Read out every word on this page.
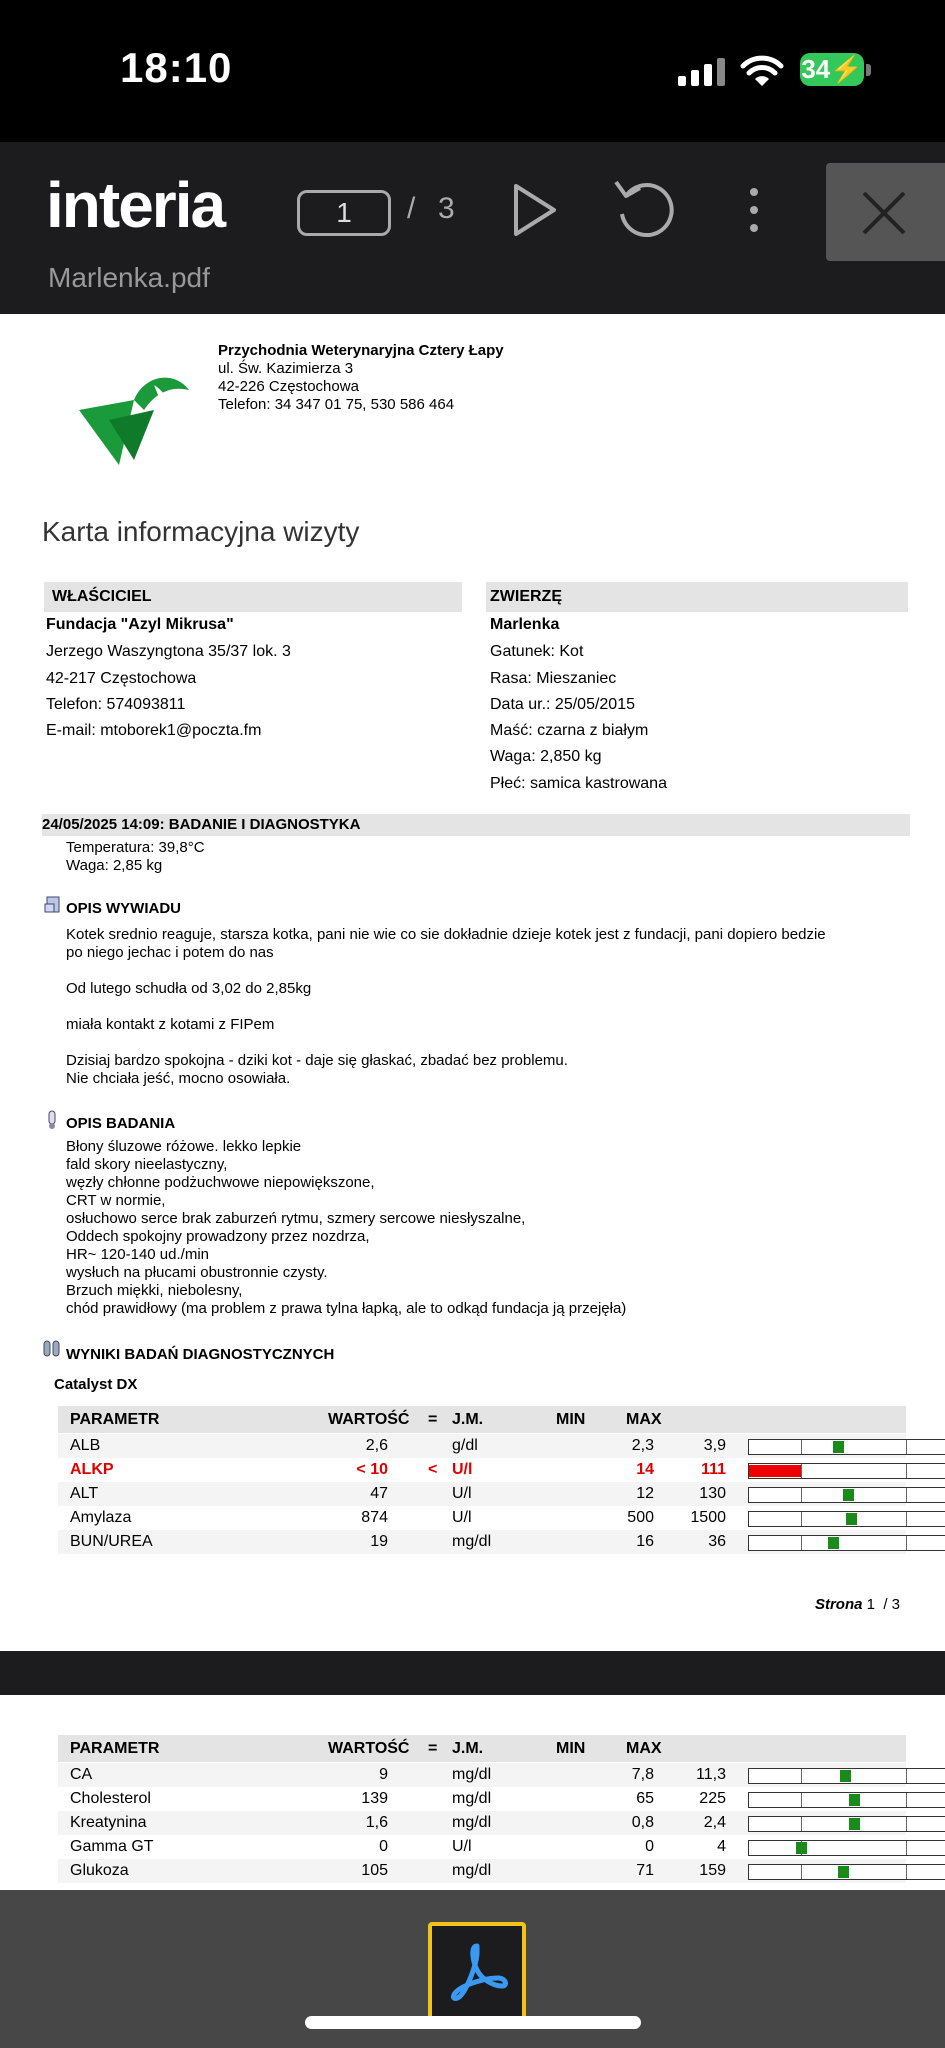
18:10	34⚡
interia	1	/ 3
Marlenka.pdf
Przychodnia Weterynaryjna Cztery Łapy
ul. Św. Kazimierza 3
42-226 Częstochowa
Telefon: 34 347 01 75, 530 586 464
Karta informacyjna wizyty
WŁAŚCICIEL
Fundacja "Azyl Mikrusa"
Jerzego Waszyngtona 35/37 lok. 3
42-217 Częstochowa
Telefon: 574093811
E-mail: mtoborek1@poczta.fm
ZWIERZĘ
Marlenka
Gatunek: Kot
Rasa: Mieszaniec
Data ur.: 25/05/2015
Maść: czarna z białym
Waga: 2,850 kg
Płeć: samica kastrowana
24/05/2025 14:09: BADANIE I DIAGNOSTYKA
Temperatura: 39,8°C
Waga: 2,85 kg
OPIS WYWIADU
Kotek srednio reaguje, starsza kotka, pani nie wie co sie dokładnie dzieje kotek jest z fundacji, pani dopiero bedzie
po niego jechac i potem do nas
Od lutego schudła od 3,02 do 2,85kg
miała kontakt z kotami z FIPem
Dzisiaj bardzo spokojna - dziki kot - daje się głaskać, zbadać bez problemu.
Nie chciała jeść, mocno osowiała.
OPIS BADANIA
Błony śluzowe różowe. lekko lepkie
fald skory nieelastyczny,
węzły chłonne podżuchwowe niepowiększone,
CRT w normie,
osłuchowo serce brak zaburzeń rytmu, szmery sercowe niesłyszalne,
Oddech spokojny prowadzony przez nozdrza,
HR~ 120-140 ud./min
wysłuch na płucami obustronnie czysty.
Brzuch miękki, niebolesny,
chód prawidłowy (ma problem z prawa tylna łapką, ale to odkąd fundacja ją przejęła)
WYNIKI BADAŃ DIAGNOSTYCZNYCH
Catalyst DX
PARAMETR	WARTOŚĆ = J.M.	MIN	MAX
ALB	2,6	g/dl	2,3	3,9
ALKP	< 10	< U/l	14	111
ALT	47	U/l	12	130
Amylaza	874	U/l	500 1500
BUN/UREA	19	mg/dl	16	36
Strona 1 / 3
PARAMETR	WARTOŚĆ = J.M.	MIN	MAX
CA	9	mg/dl	7,8	11,3
Cholesterol	139	mg/dl	65	225
Kreatynina	1,6	mg/dl	0,8	2,4
Gamma GT	0	U/l	0	4
Glukoza	105	mg/dl	71	159
